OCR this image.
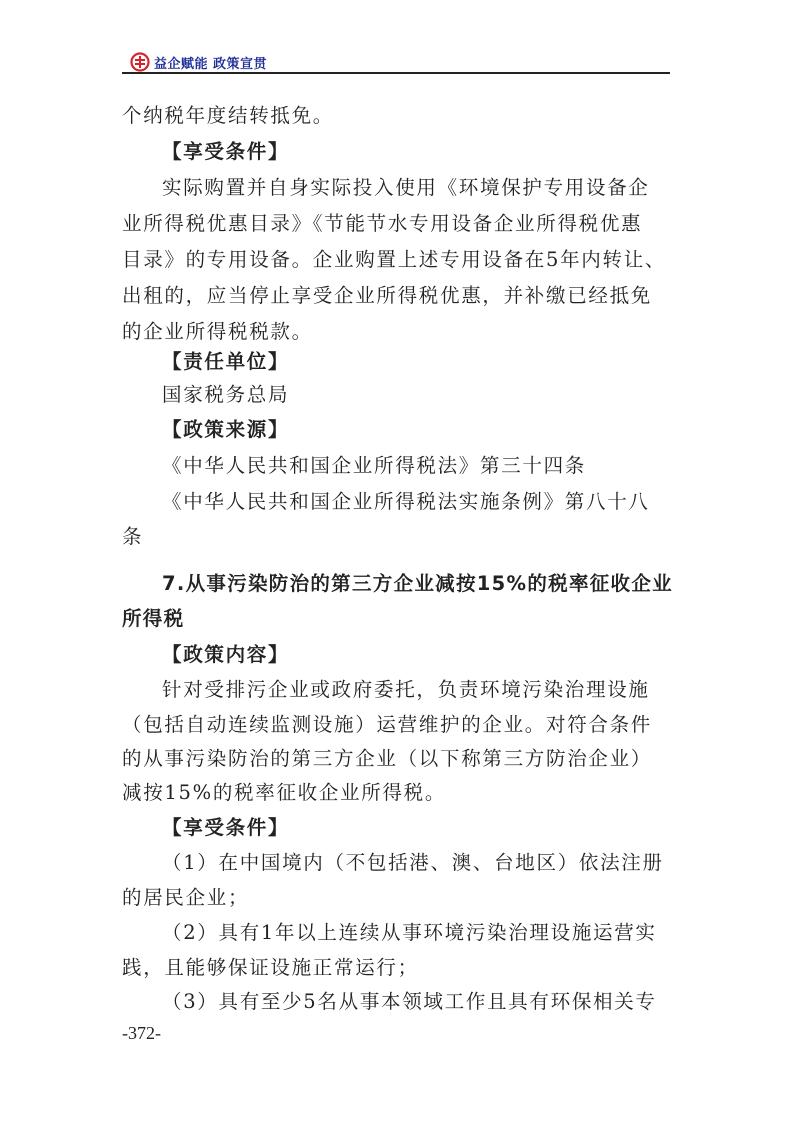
益企赋能 政策宣贯
个纳税年度结转抵免。
【享受条件】
实际购置并自身实际投入使用《环境保护专用设备企
业所得税优惠目录》《节能节水专用设备企业所得税优惠
目录》的专用设备。企业购置上述专用设备在5年内转让、
出租的，应当停止享受企业所得税优惠，并补缴已经抵免
的企业所得税税款。
【责任单位】
国家税务总局
【政策来源】
《中华人民共和国企业所得税法》第三十四条
《中华人民共和国企业所得税法实施条例》第八十八
条
7.从事污染防治的第三方企业减按15%的税率征收企业
所得税
【政策内容】
针对受排污企业或政府委托，负责环境污染治理设施
（包括自动连续监测设施）运营维护的企业。对符合条件
的从事污染防治的第三方企业（以下称第三方防治企业）
减按15%的税率征收企业所得税。
【享受条件】
（1）在中国境内（不包括港、澳、台地区）依法注册
的居民企业；
（2）具有1年以上连续从事环境污染治理设施运营实
践，且能够保证设施正常运行；
（3）具有至少5名从事本领域工作且具有环保相关专
-372-
